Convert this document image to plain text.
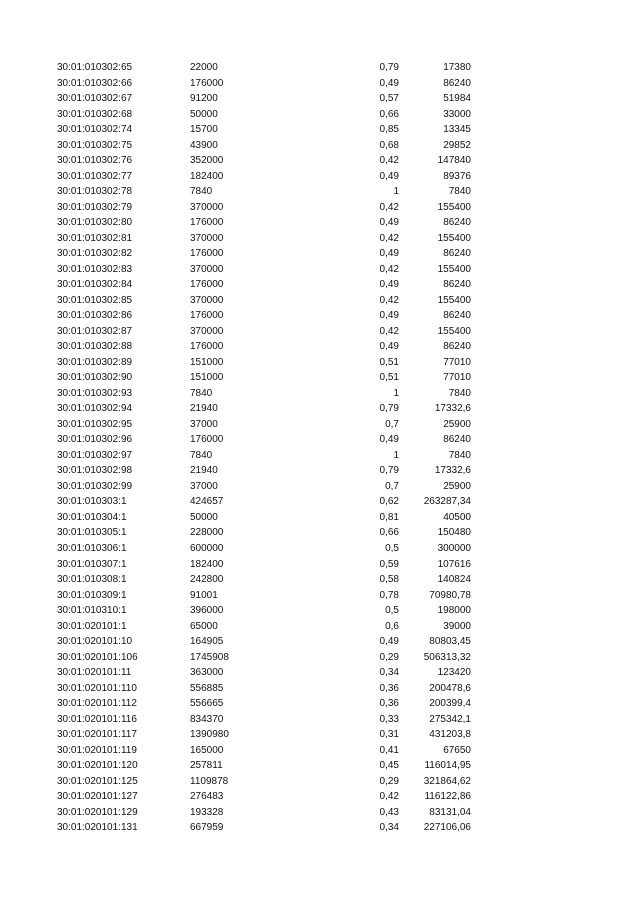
30:01:010302:65	22000	0,79	17380
30:01:010302:66	176000	0,49	86240
30:01:010302:67	91200	0,57	51984
30:01:010302:68	50000	0,66	33000
30:01:010302:74	15700	0,85	13345
30:01:010302:75	43900	0,68	29852
30:01:010302:76	352000	0,42	147840
30:01:010302:77	182400	0,49	89376
30:01:010302:78	7840	1	7840
30:01:010302:79	370000	0,42	155400
30:01:010302:80	176000	0,49	86240
30:01:010302:81	370000	0,42	155400
30:01:010302:82	176000	0,49	86240
30:01:010302:83	370000	0,42	155400
30:01:010302:84	176000	0,49	86240
30:01:010302:85	370000	0,42	155400
30:01:010302:86	176000	0,49	86240
30:01:010302:87	370000	0,42	155400
30:01:010302:88	176000	0,49	86240
30:01:010302:89	151000	0,51	77010
30:01:010302:90	151000	0,51	77010
30:01:010302:93	7840	1	7840
30:01:010302:94	21940	0,79	17332,6
30:01:010302:95	37000	0,7	25900
30:01:010302:96	176000	0,49	86240
30:01:010302:97	7840	1	7840
30:01:010302:98	21940	0,79	17332,6
30:01:010302:99	37000	0,7	25900
30:01:010303:1	424657	0,62 263287,34
30:01:010304:1	50000	0,81	40500
30:01:010305:1	228000	0,66	150480
30:01:010306:1	600000	0,5	300000
30:01:010307:1	182400	0,59	107616
30:01:010308:1	242800	0,58	140824
30:01:010309:1	91001	0,78	70980,78
30:01:010310:1	396000	0,5	198000
30:01:020101:1	65000	0,6	39000
30:01:020101:10	164905	0,49	80803,45
30:01:020101:106	1745908	0,29 506313,32
30:01:020101:11	363000	0,34	123420
30:01:020101:110	556885	0,36	200478,6
30:01:020101:112	556665	0,36	200399,4
30:01:020101:116	834370	0,33	275342,1
30:01:020101:117	1390980	0,31	431203,8
30:01:020101:119	165000	0,41	67650
30:01:020101:120	257811	0,45	116014,95
30:01:020101:125	1109878	0,29 321864,62
30:01:020101:127	276483	0,42	116122,86
30:01:020101:129	193328	0,43	83131,04
30:01:020101:131	667959	0,34 227106,06
